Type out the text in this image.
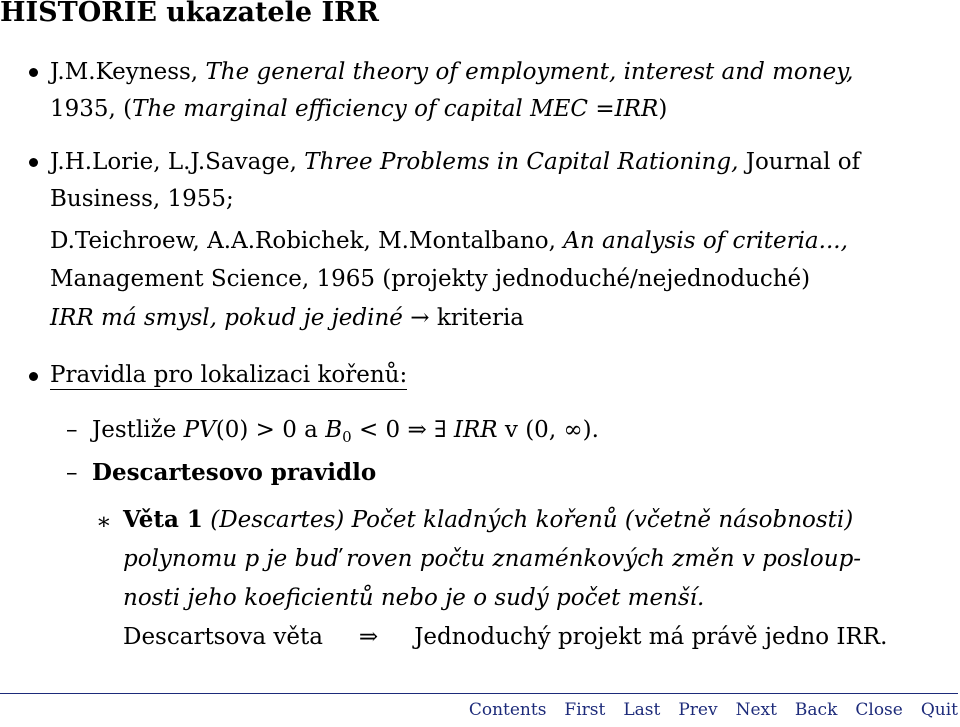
HISTORIE ukazatele IRR
J.M.Keyness, The general theory of employment, interest and money,
1935, (The marginal efficiency of capital MEC =IRR)
J.H.Lorie, L.J.Savage, Three Problems in Capital Rationing, Journal of
Business, 1955;
D.Teichroew, A.A.Robichek, M.Montalbano, An analysis of criteria...,
Management Science, 1965 (projekty jednoduché/nejednoduché)
IRR má smysl, pokud je jediné → kriteria
Pravidla pro lokalizaci kořenů:
– Jestliže PV(0) > 0 a $B_0 < 0$ ⇒ ∃ IRR v (0, ∞).
– Descartesovo pravidlo
∗ Věta 1 (Descartes) Počet kladných kořenů (včetně násobnosti)
polynomu p je buď roven počtu znaménkových změn v posloup-
nosti jeho koeficientů nebo je o sudý počet menší.
Descartsova věta ⇒ Jednoduchý projekt má právě jedno IRR.
Contents First Last Prev Next Back Close Quit
